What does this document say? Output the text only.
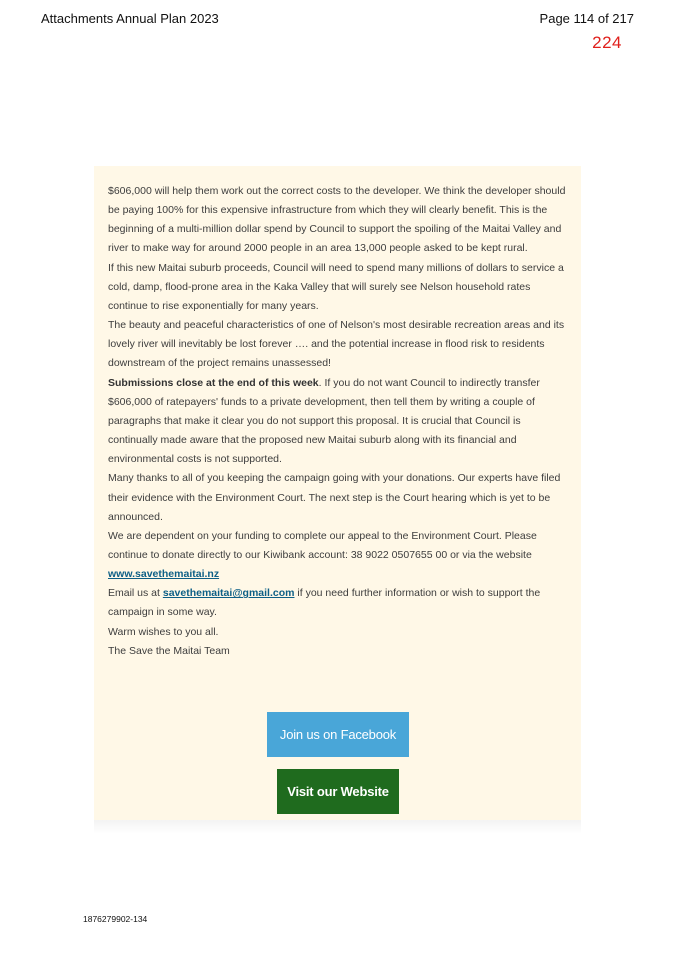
Attachments Annual Plan 2023	Page 114 of 217
224

$606,000 will help them work out the correct costs to the developer. We think the developer should be paying 100% for this expensive infrastructure from which they will clearly benefit. This is the beginning of a multi-million dollar spend by Council to support the spoiling of the Maitai Valley and river to make way for around 2000 people in an area 13,000 people asked to be kept rural.

If this new Maitai suburb proceeds, Council will need to spend many millions of dollars to service a cold, damp, flood-prone area in the Kaka Valley that will surely see Nelson household rates continue to rise exponentially for many years.

The beauty and peaceful characteristics of one of Nelson's most desirable recreation areas and its lovely river will inevitably be lost forever …. and the potential increase in flood risk to residents downstream of the project remains unassessed!

Submissions close at the end of this week. If you do not want Council to indirectly transfer $606,000 of ratepayers' funds to a private development, then tell them by writing a couple of paragraphs that make it clear you do not support this proposal. It is crucial that Council is continually made aware that the proposed new Maitai suburb along with its financial and environmental costs is not supported.

Many thanks to all of you keeping the campaign going with your donations. Our experts have filed their evidence with the Environment Court. The next step is the Court hearing which is yet to be announced.

We are dependent on your funding to complete our appeal to the Environment Court. Please continue to donate directly to our Kiwibank account: 38 9022 0507655 00 or via the website
www.savethemaitai.nz

Email us at savethemaitai@gmail.com if you need further information or wish to support the campaign in some way.

Warm wishes to you all.

The Save the Maitai Team

Join us on Facebook
Visit our Website
1876279902-134
